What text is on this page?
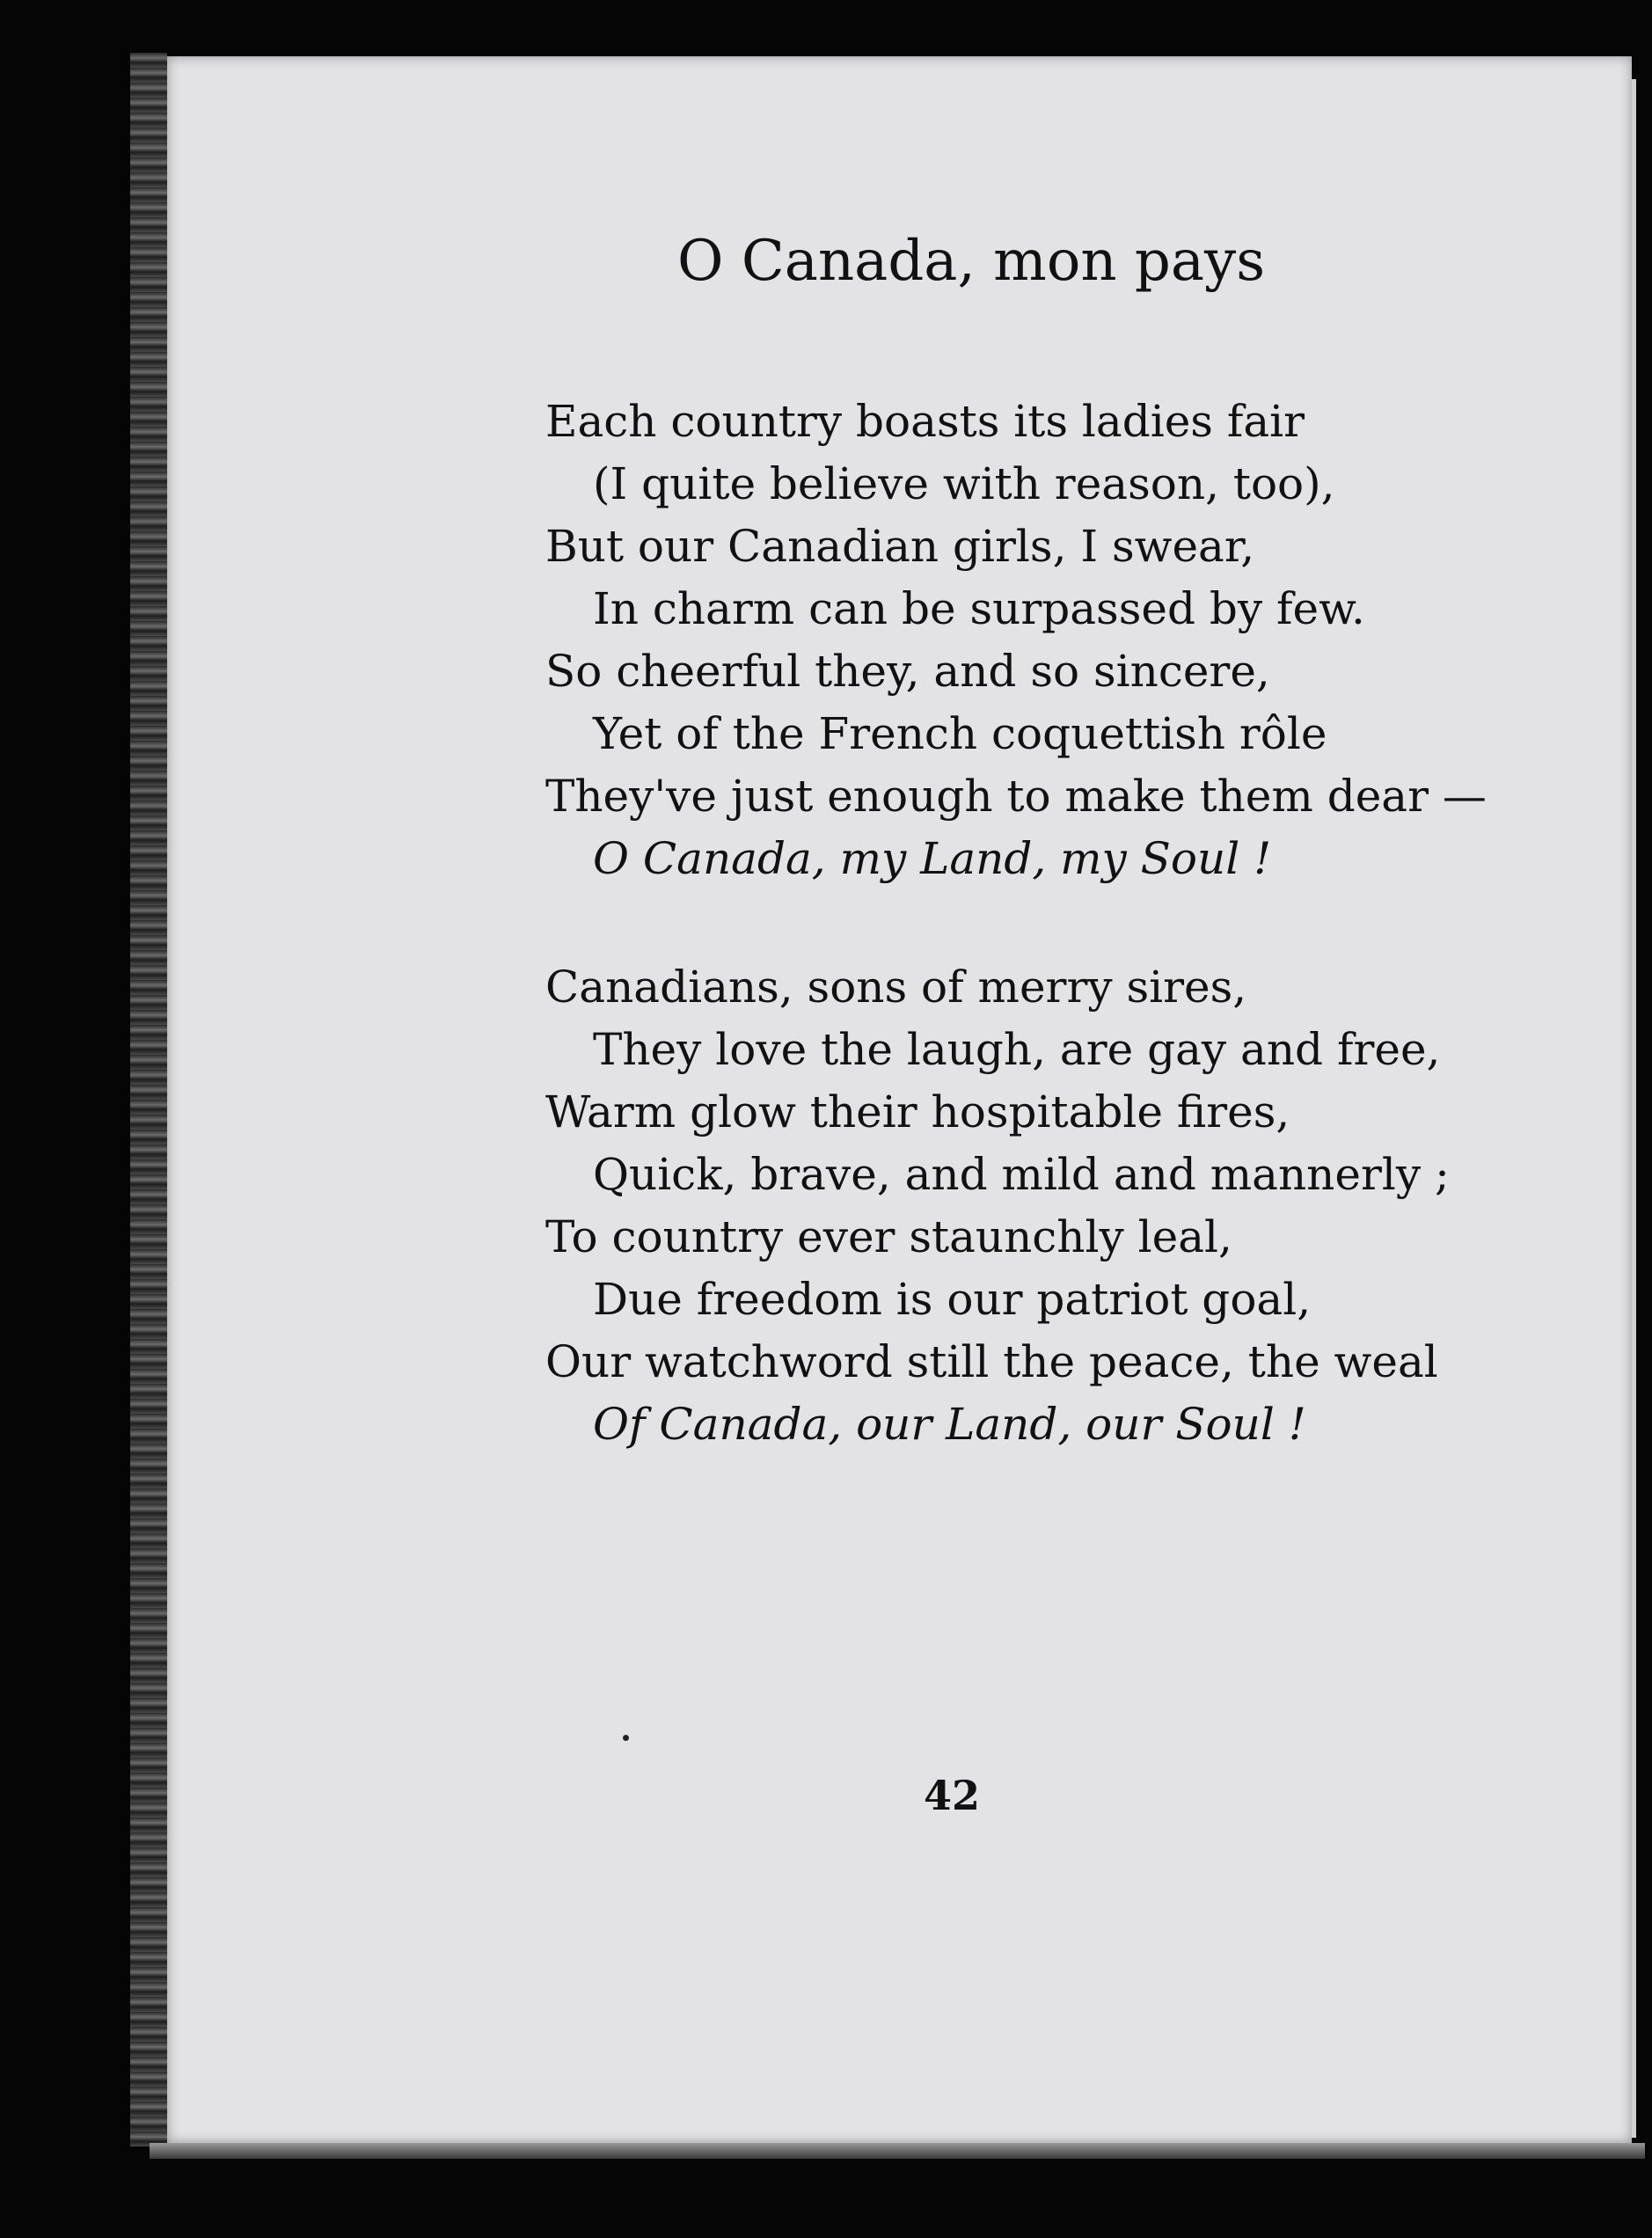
O Canada, mon pays
Each country boasts its ladies fair
(I quite believe with reason, too),
But our Canadian girls, I swear,
In charm can be surpassed by few.
So cheerful they, and so sincere,
Yet of the French coquettish rôle
They've just enough to make them dear —
O Canada, my Land, my Soul !
Canadians, sons of merry sires,
They love the laugh, are gay and free,
Warm glow their hospitable fires,
Quick, brave, and mild and mannerly ;
To country ever staunchly leal,
Due freedom is our patriot goal,
Our watchword still the peace, the weal
Of Canada, our Land, our Soul !
42
